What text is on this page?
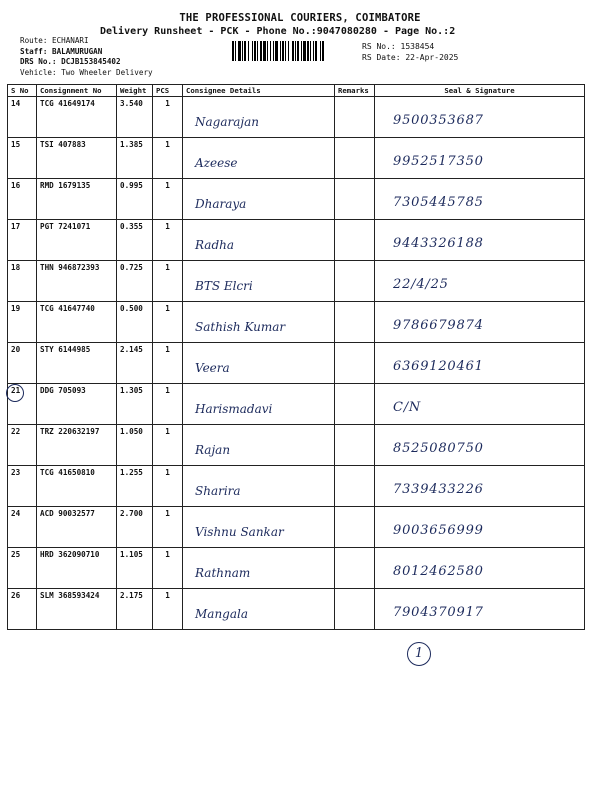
THE PROFESSIONAL COURIERS, COIMBATORE
Delivery Runsheet - PCK - Phone No.:9047080280 - Page No.:2
Route: ECHANARI
Staff: BALAMURUGAN
DRS No.: DCJB153845402
Vehicle: Two Wheeler Delivery
RS No.: 1538454
RS Date: 22-Apr-2025
S No	Consignment No	Weight	PCS	Consignee Details	Remarks	Seal & Signature
14	TCG 41649174	3.540	1	Nagarajan		9500353687

15	TSI 407883	1.385	1	Azeese		9952517350

16	RMD 1679135	0.995	1	Dharaya		7305445785

17	PGT 7241071	0.355	1	Radha		9443326188

18	THN 946872393	0.725	1	BTS Elcri		22/4/25

19	TCG 41647740	0.500	1	Sathish Kumar		9786679874

20	STY 6144985	2.145	1	Veera		6369120461

21	DDG 705093	1.305	1	Harismadavi		C/N

22	TRZ 220632197	1.050	1	Rajan		8525080750

23	TCG 41650810	1.255	1	Sharira		7339433226

24	ACD 90032577	2.700	1	Vishnu Sankar		9003656999

25	HRD 362090710	1.105	1	Rathnam		8012462580

26	SLM 368593424	2.175	1	Mangala		7904370917
1
